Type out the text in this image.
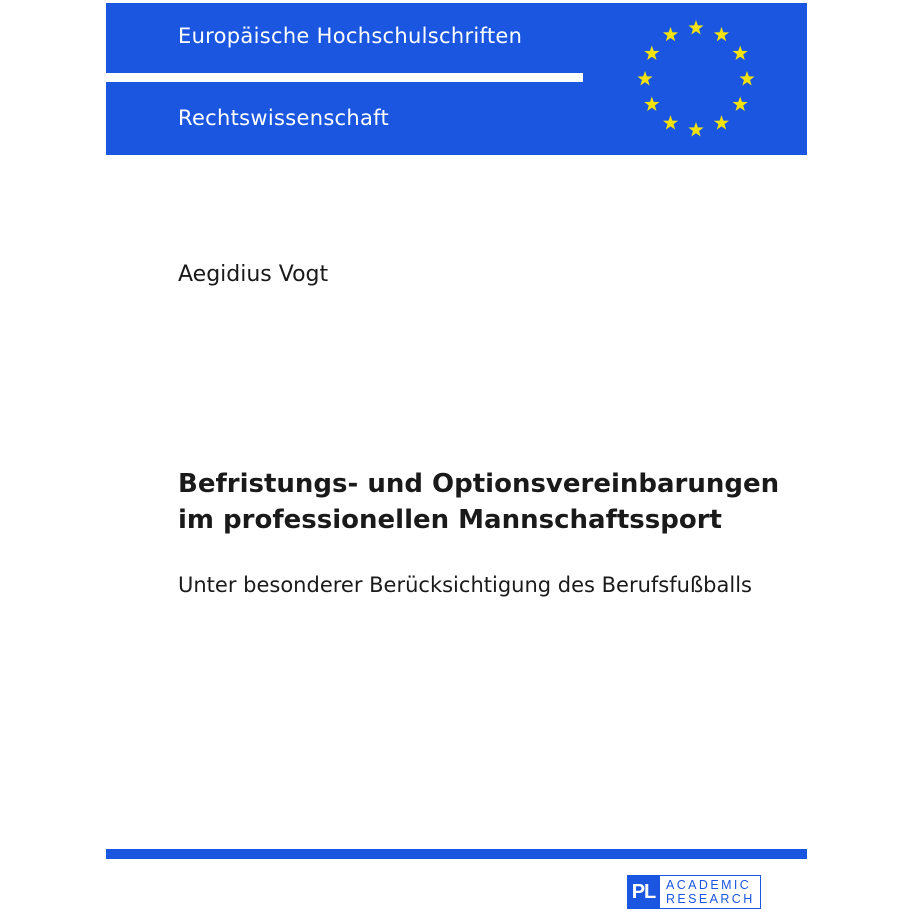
Europäische Hochschulschriften
Rechtswissenschaft
Aegidius Vogt
Befristungs- und Optionsvereinbarungen
im professionellen Mannschaftssport
Unter besonderer Berücksichtigung des Berufsfußballs
PL ACADEMIC
RESEARCH
